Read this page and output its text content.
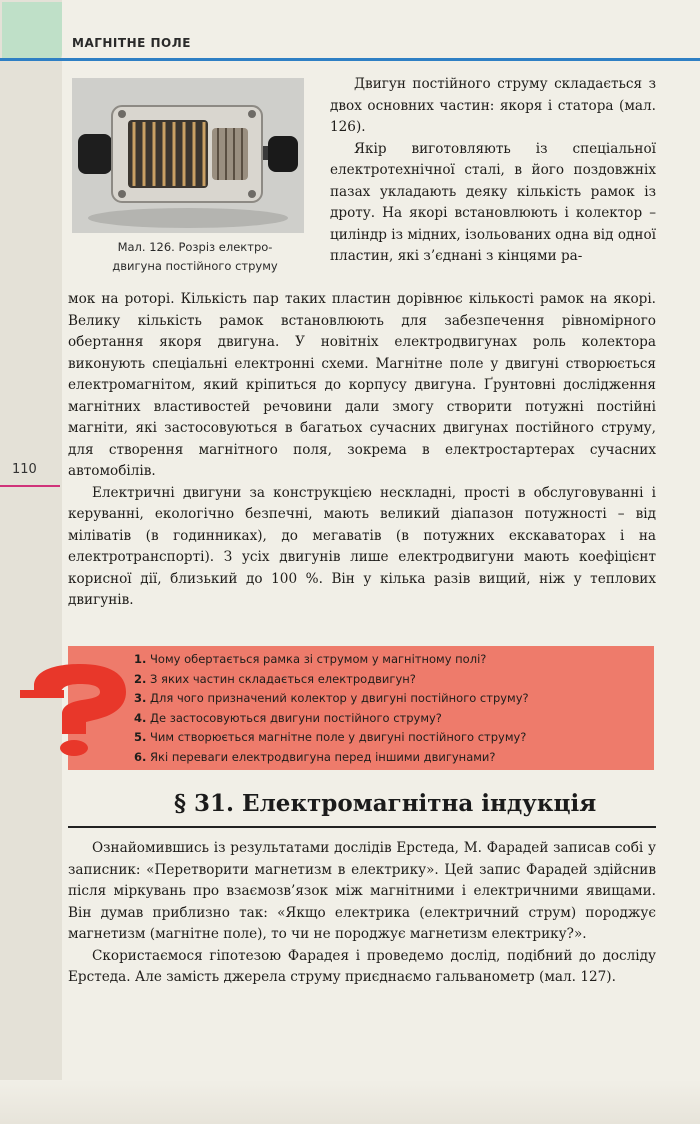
МАГНІТНЕ ПОЛЕ
110
Мал. 126. Розріз електро-
двигуна постійного струму

Двигун постійного струму складається з двох основних частин: якоря і статора (мал. 126).

Якір виготовляють із спеціальної електротехнічної сталі, в його поздовжніх пазах укладають деяку кількість рамок із дроту. На якорі встановлюють і колектор – циліндр із мідних, ізольованих одна від одної пластин, які з’єднані з кінцями ра-

мок на роторі. Кількість пар таких пластин дорівнює кількості рамок на якорі. Велику кількість рамок встановлюють для забезпечення рівномірного обертання якоря двигуна. У новітніх електродвигунах роль колектора виконують спеціальні електронні схеми. Магнітне поле у двигуні створюється електромагнітом, який кріпиться до корпусу двигуна. Ґрунтовні дослідження магнітних властивостей речовини дали змогу створити потужні постійні магніти, які застосовуються в багатьох сучасних двигунах постійного струму, для створення магнітного поля, зокрема в електростартерах сучасних автомобілів.

Електричні двигуни за конструкцією нескладні, прості в обслуговуванні і керуванні, екологічно безпечні, мають великий діапазон потужності – від міліватів (в годинниках), до мегаватів (в потужних екскаваторах і на електротранспорті). З усіх двигунів лише електродвигуни мають коефіцієнт корисної дії, близький до 100 %. Він у кілька разів вищий, ніж у теплових двигунів.

1. Чому обертається рамка зі струмом у магнітному полі?
2. З яких частин складається електродвигун?
3. Для чого призначений колектор у двигуні постійного струму?
4. Де застосовуються двигуни постійного струму?
5. Чим створюється магнітне поле у двигуні постійного струму?
6. Які переваги електродвигуна перед іншими двигунами?
§ 31. Електромагнітна індукція

Ознайомившись із результатами дослідів Ерстеда, М. Фарадей записав собі у записник: «Перетворити магнетизм в електрику». Цей запис Фарадей здійснив після міркувань про взаємозв’язок між магнітними і електричними явищами. Він думав приблизно так: «Якщо електрика (електричний струм) породжує магнетизм (магнітне поле), то чи не породжує магнетизм електрику?».

Скористаємося гіпотезою Фарадея і проведемо дослід, подібний до досліду Ерстеда. Але замість джерела струму приєднаємо гальванометр (мал. 127).
